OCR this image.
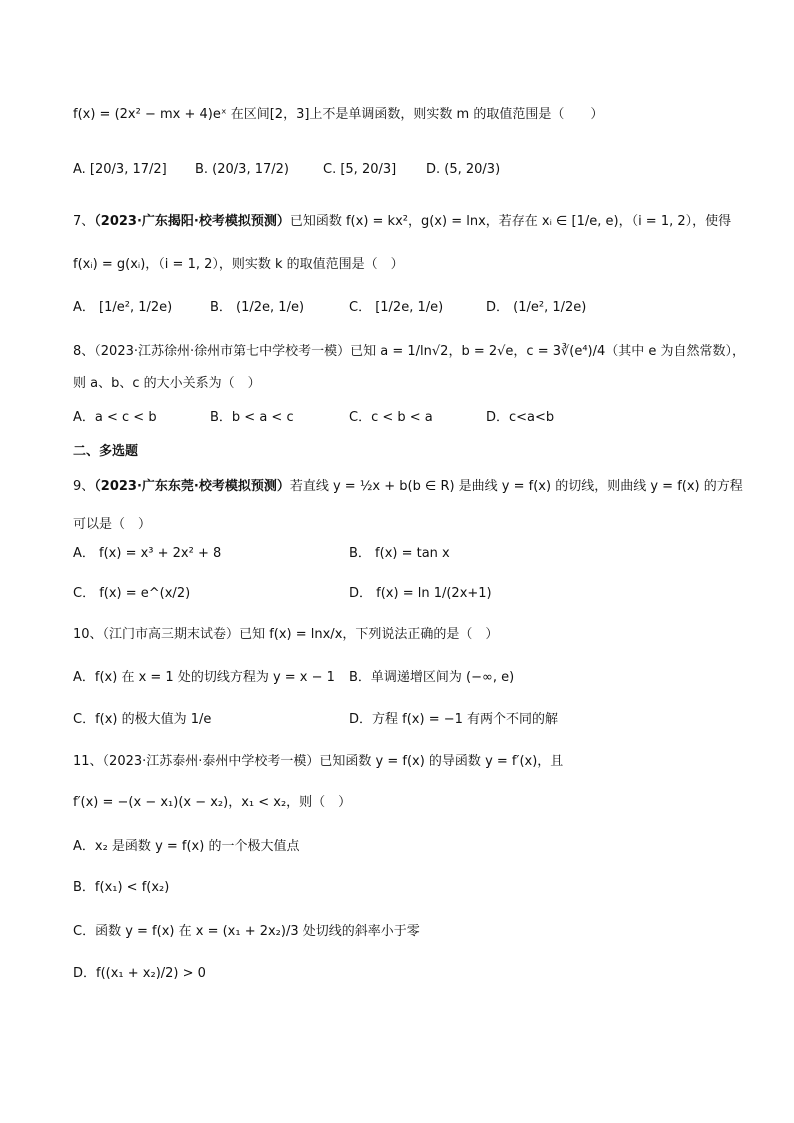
f(x) = (2x² − mx + 4)eˣ 在区间[2，3]上不是单调函数，则实数 m 的取值范围是（　　）
A. [20/3, 17/2] B. (20/3, 17/2)	C. [5, 20/3] D. (5, 20/3)
7、（2023·广东揭阳·校考模拟预测）已知函数 f(x) = kx²，g(x) = lnx，若存在 xᵢ ∈ [1/e, e)，（i = 1, 2），使得
f(xᵢ) = g(xᵢ)，（i = 1, 2），则实数 k 的取值范围是（　）
A． [1/e², 1/2e)	B． (1/2e, 1/e)	C． [1/2e, 1/e)	D． (1/e², 1/2e)
8、（2023·江苏徐州·徐州市第七中学校考一模）已知 a = 1/ln√2，b = 2√e，c = 3∛(e⁴)/4（其中 e 为自然常数），
则 a、b、c 的大小关系为（　）
A．a < c < b	B．b < a < c	C．c < b < a	D．c<a<b
二、多选题
9、（2023·广东东莞·校考模拟预测）若直线 y = ½x + b(b ∈ R) 是曲线 y = f(x) 的切线，则曲线 y = f(x) 的方程
可以是（　）
A． f(x) = x³ + 2x² + 8	B． f(x) = tan x
C． f(x) = e^(x/2)	D． f(x) = ln 1/(2x+1)
10、（江门市高三期末试卷）已知 f(x) = lnx/x，下列说法正确的是（　）
A．f(x) 在 x = 1 处的切线方程为 y = x − 1 B．单调递增区间为 (−∞, e)
C．f(x) 的极大值为 1/e	D．方程 f(x) = −1 有两个不同的解
11、（2023·江苏泰州·泰州中学校考一模）已知函数 y = f(x) 的导函数 y = f′(x)，且
f′(x) = −(x − x₁)(x − x₂)，x₁ < x₂，则（　）
A．x₂ 是函数 y = f(x) 的一个极大值点
B．f(x₁) < f(x₂)
C．函数 y = f(x) 在 x = (x₁ + 2x₂)/3 处切线的斜率小于零
D．f((x₁ + x₂)/2) > 0
